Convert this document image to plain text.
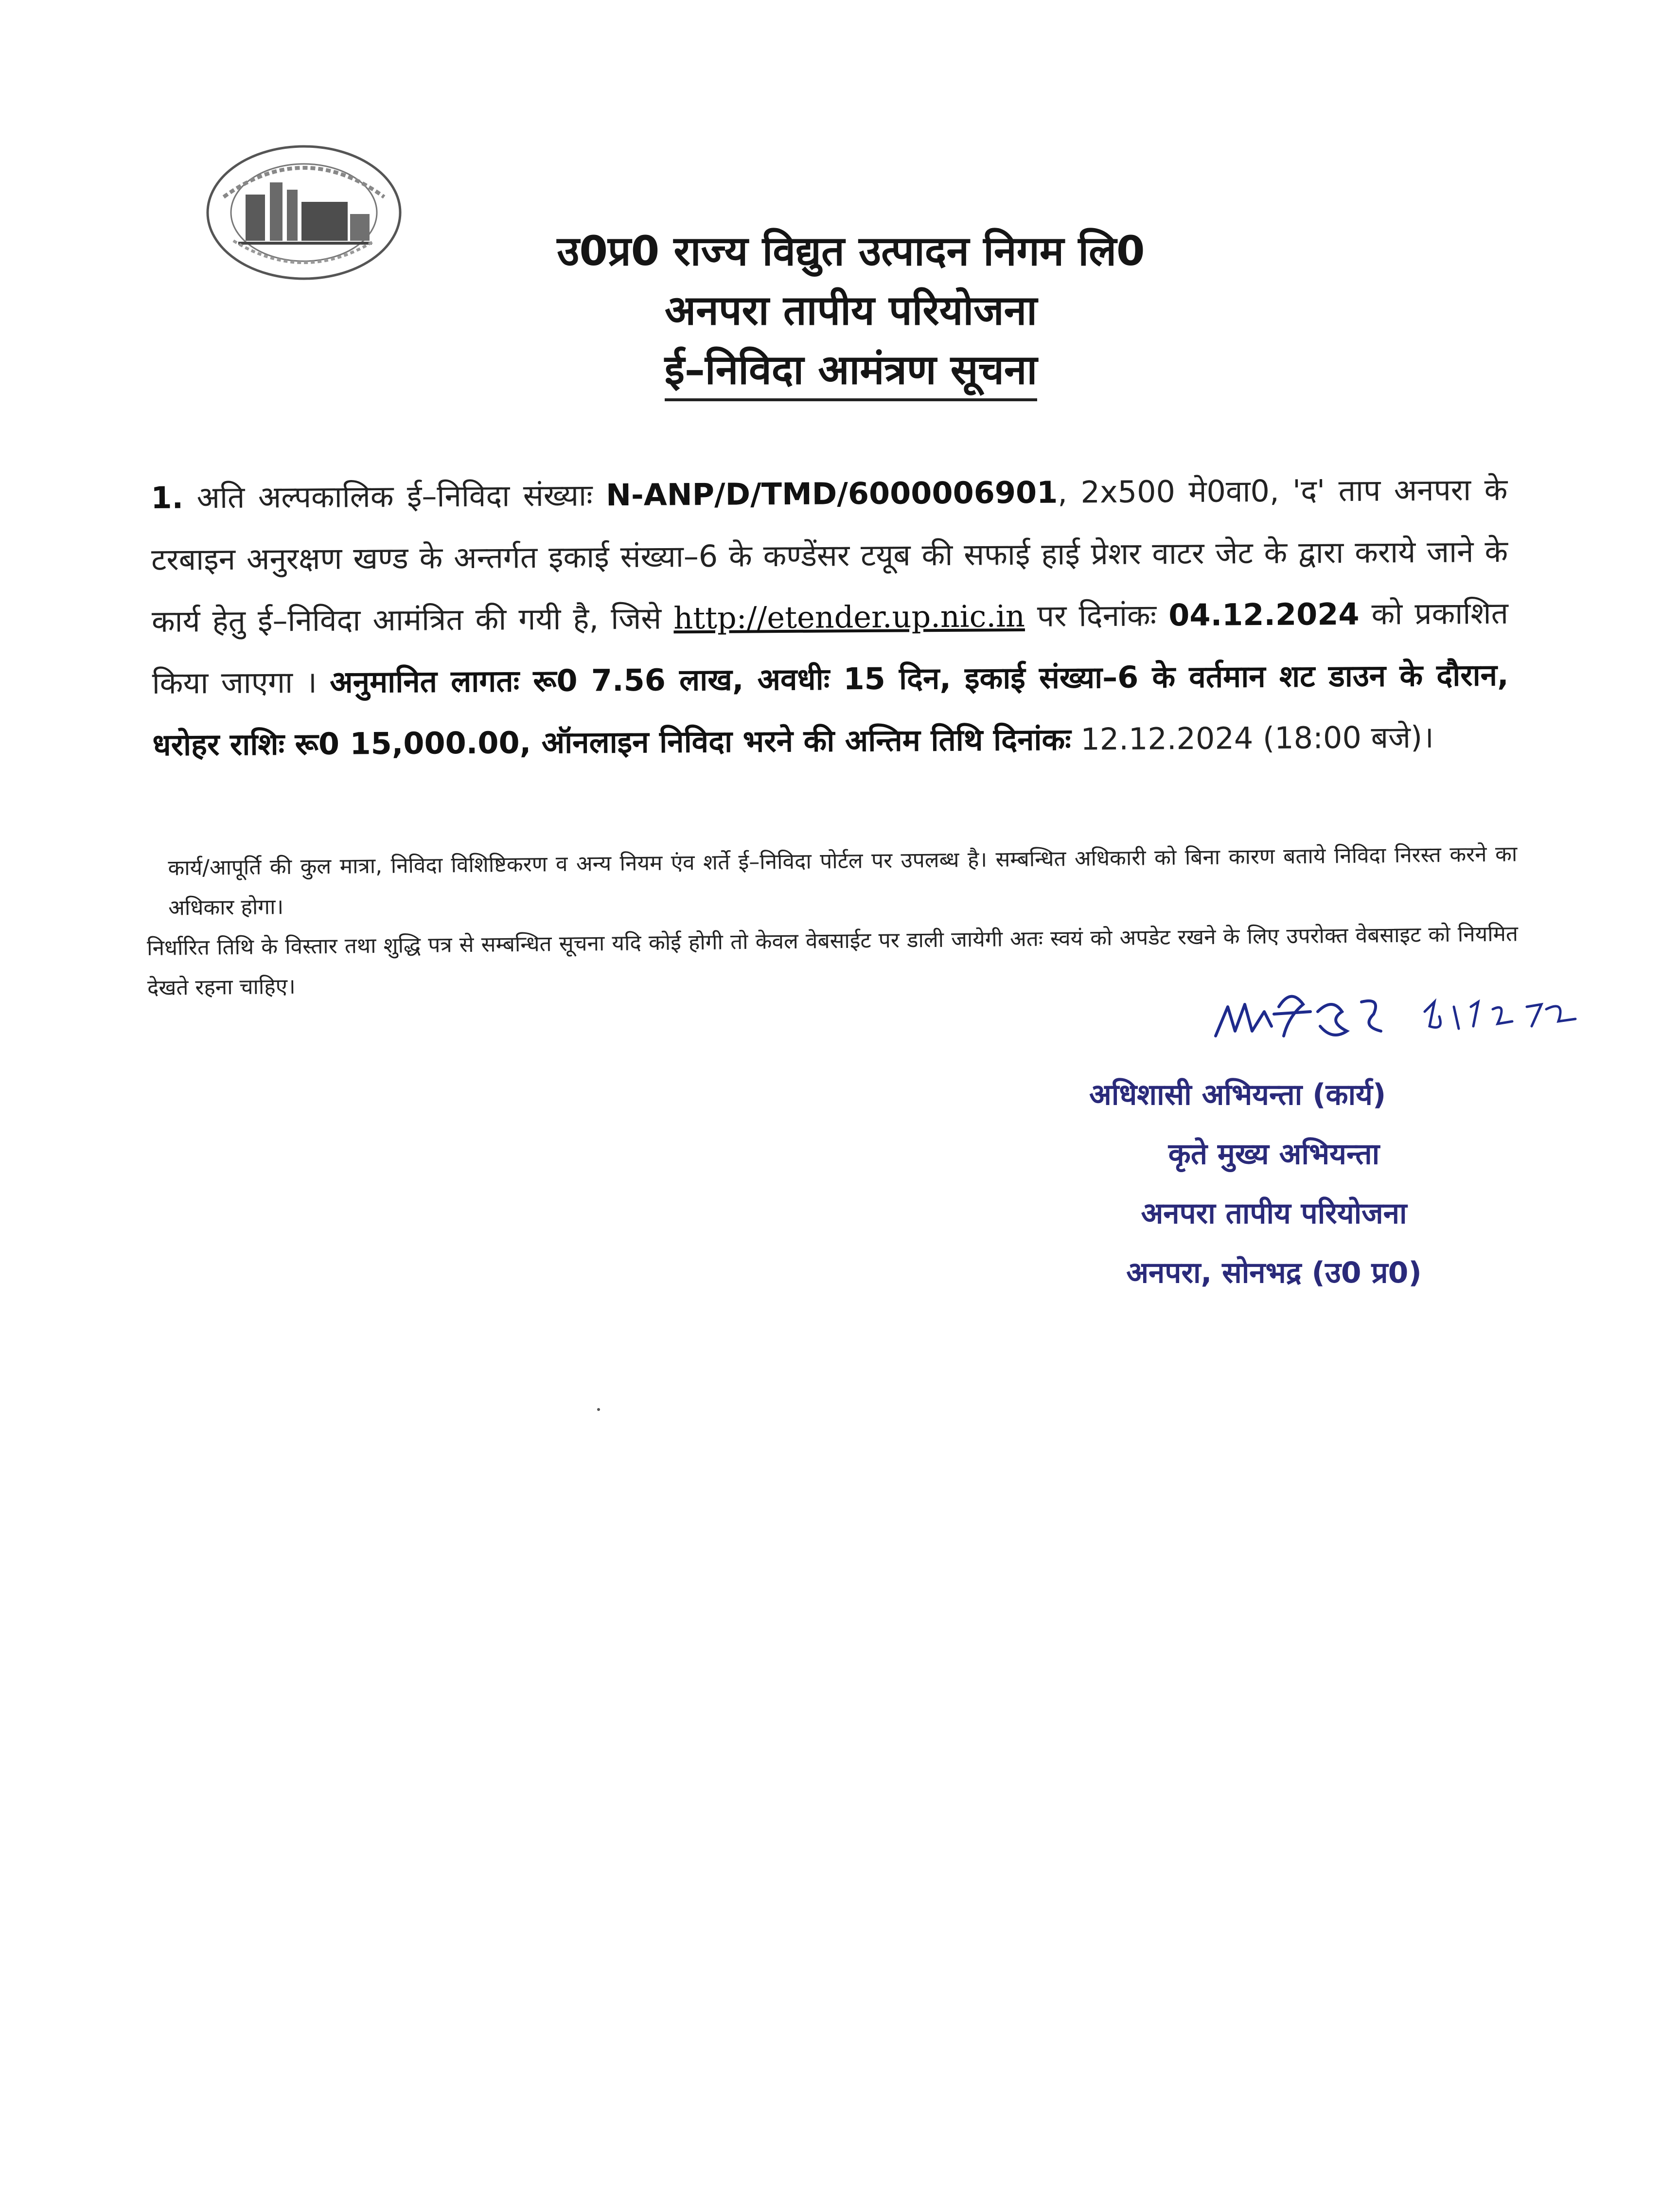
उ0प्र0 राज्य विद्युत उत्पादन निगम लि0
अनपरा तापीय परियोजना
ई–निविदा आमंत्रण सूचना
1. अति अल्पकालिक ई–निविदा संख्याः N-ANP/D/TMD/6000006901, 2x500 मे0वा0, 'द' ताप अनपरा के टरबाइन अनुरक्षण खण्ड के अन्तर्गत इकाई संख्या–6 के कण्डेंसर टयूब की सफाई हाई प्रेशर वाटर जेट के द्वारा कराये जाने के कार्य हेतु ई–निविदा आमंत्रित की गयी है, जिसे http://etender.up.nic.in पर दिनांकः 04.12.2024 को प्रकाशित किया जाएगा । अनुमानित लागतः रू0 7.56 लाख, अवधीः 15 दिन, इकाई संख्या–6 के वर्तमान शट डाउन के दौरान, धरोहर राशिः रू0 15,000.00, ऑनलाइन निविदा भरने की अन्तिम तिथि दिनांकः 12.12.2024 (18:00 बजे)।
कार्य/आपूर्ति की कुल मात्रा, निविदा विशिष्टिकरण व अन्य नियम एंव शर्ते ई–निविदा पोर्टल पर उपलब्ध है। सम्बन्धित अधिकारी को बिना कारण बताये निविदा निरस्त करने का अधिकार होगा।
निर्धारित तिथि के विस्तार तथा शुद्धि पत्र से सम्बन्धित सूचना यदि कोई होगी तो केवल वेबसाईट पर डाली जायेगी अतः स्वयं को अपडेट रखने के लिए उपरोक्त वेबसाइट को नियमित देखते रहना चाहिए।
अधिशासी अभियन्ता (कार्य)
कृते मुख्य अभियन्ता
अनपरा तापीय परियोजना
अनपरा, सोनभद्र (उ0 प्र0)
